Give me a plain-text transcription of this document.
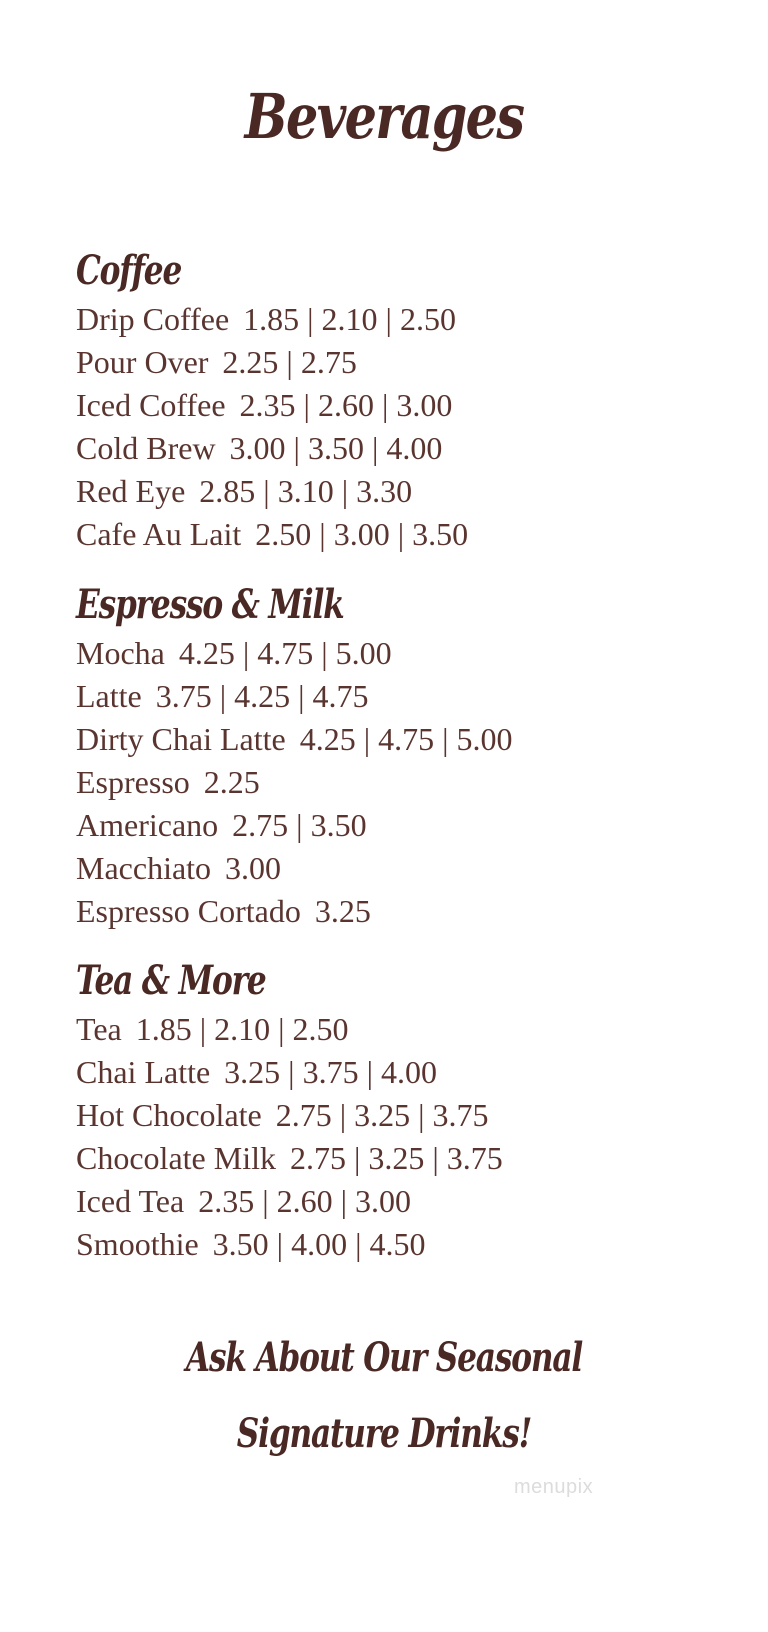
Beverages
Coffee
Drip Coffee 1.85 | 2.10 | 2.50
Pour Over 2.25 | 2.75
Iced Coffee 2.35 | 2.60 | 3.00
Cold Brew 3.00 | 3.50 | 4.00
Red Eye 2.85 | 3.10 | 3.30
Cafe Au Lait 2.50 | 3.00 | 3.50
Espresso & Milk
Mocha 4.25 | 4.75 | 5.00
Latte 3.75 | 4.25 | 4.75
Dirty Chai Latte 4.25 | 4.75 | 5.00
Espresso 2.25
Americano 2.75 | 3.50
Macchiato 3.00
Espresso Cortado 3.25
Tea & More
Tea 1.85 | 2.10 | 2.50
Chai Latte 3.25 | 3.75 | 4.00
Hot Chocolate 2.75 | 3.25 | 3.75
Chocolate Milk 2.75 | 3.25 | 3.75
Iced Tea 2.35 | 2.60 | 3.00
Smoothie 3.50 | 4.00 | 4.50
Ask About Our Seasonal
Signature Drinks!
menupix
